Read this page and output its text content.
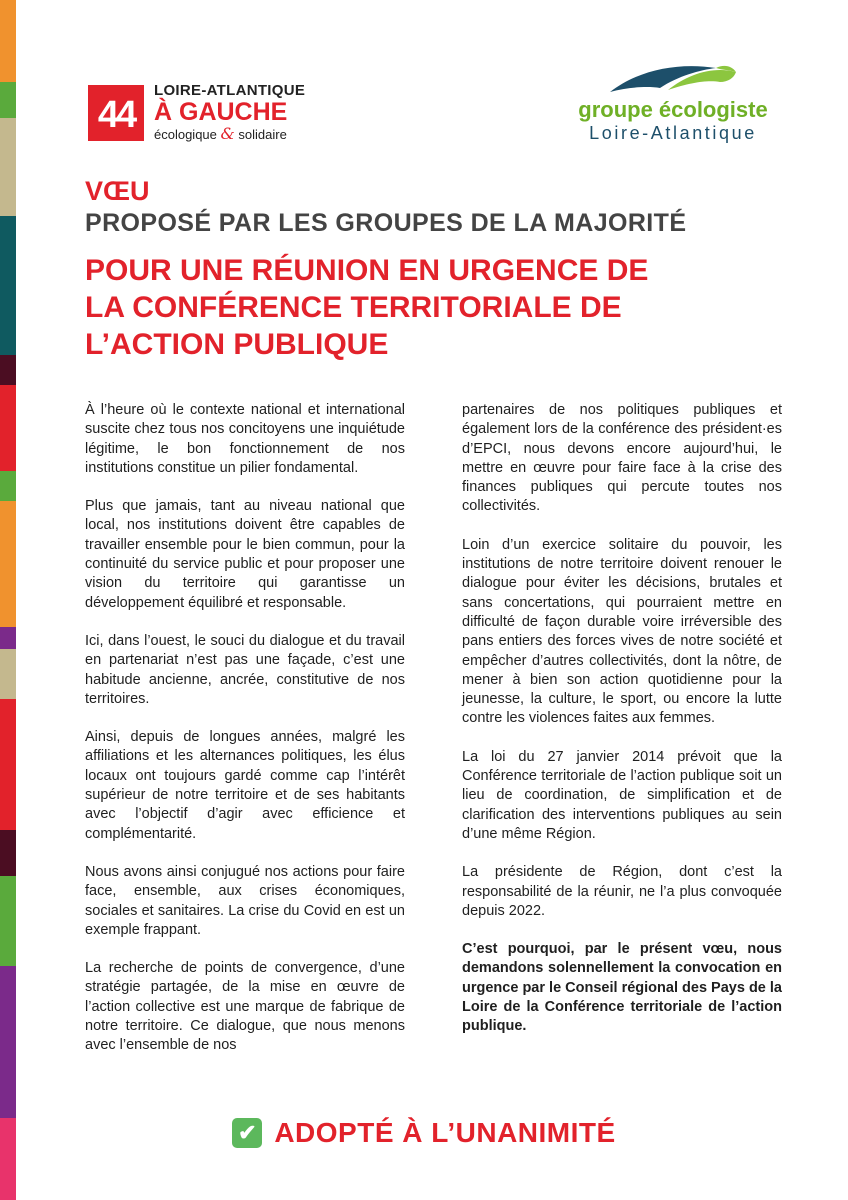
44
LOIRE-ATLANTIQUE
À GAUCHE
écologique & solidaire
groupe écologiste
Loire-Atlantique
VŒU
PROPOSÉ PAR LES GROUPES DE LA MAJORITÉ
POUR UNE RÉUNION EN URGENCE DE
LA CONFÉRENCE TERRITORIALE DE
L’ACTION PUBLIQUE

À l’heure où le contexte national et international suscite chez tous nos concitoyens une inquiétude légitime, le bon fonctionnement de nos institutions constitue un pilier fondamental.

Plus que jamais, tant au niveau national que local, nos institutions doivent être capables de travailler ensemble pour le bien commun, pour la continuité du service public et pour proposer une vision du territoire qui garantisse un développement équilibré et responsable.

Ici, dans l’ouest, le souci du dialogue et du travail en partenariat n’est pas une façade, c’est une habitude ancienne, ancrée, constitutive de nos territoires.

Ainsi, depuis de longues années, malgré les affiliations et les alternances politiques, les élus locaux ont toujours gardé comme cap l’intérêt supérieur de notre territoire et de ses habitants avec l’objectif d’agir avec efficience et complémentarité.

Nous avons ainsi conjugué nos actions pour faire face, ensemble, aux crises économiques, sociales et sanitaires. La crise du Covid en est un exemple frappant.

La recherche de points de convergence, d’une stratégie partagée, de la mise en œuvre de l’action collective est une marque de fabrique de notre territoire. Ce dialogue, que nous menons avec l’ensemble de nos

partenaires de nos politiques publiques et également lors de la conférence des président·es d’EPCI, nous devons encore aujourd’hui, le mettre en œuvre pour faire face à la crise des finances publiques qui percute toutes nos collectivités.

Loin d’un exercice solitaire du pouvoir, les institutions de notre territoire doivent renouer le dialogue pour éviter les décisions, brutales et sans concertations, qui pourraient mettre en difficulté de façon durable voire irréversible des pans entiers des forces vives de notre société et empêcher d’autres collectivités, dont la nôtre, de mener à bien son action quotidienne pour la jeunesse, la culture, le sport, ou encore la lutte contre les violences faites aux femmes.

La loi du 27 janvier 2014 prévoit que la Conférence territoriale de l’action publique soit un lieu de coordination, de simplification et de clarification des interventions publiques au sein d’une même Région.

La présidente de Région, dont c’est la responsabilité de la réunir, ne l’a plus convoquée depuis 2022.

C’est pourquoi, par le présent vœu, nous demandons solennellement la convocation en urgence par le Conseil régional des Pays de la Loire de la Conférence territoriale de l’action publique.

✔ ADOPTÉ À L’UNANIMITÉ
